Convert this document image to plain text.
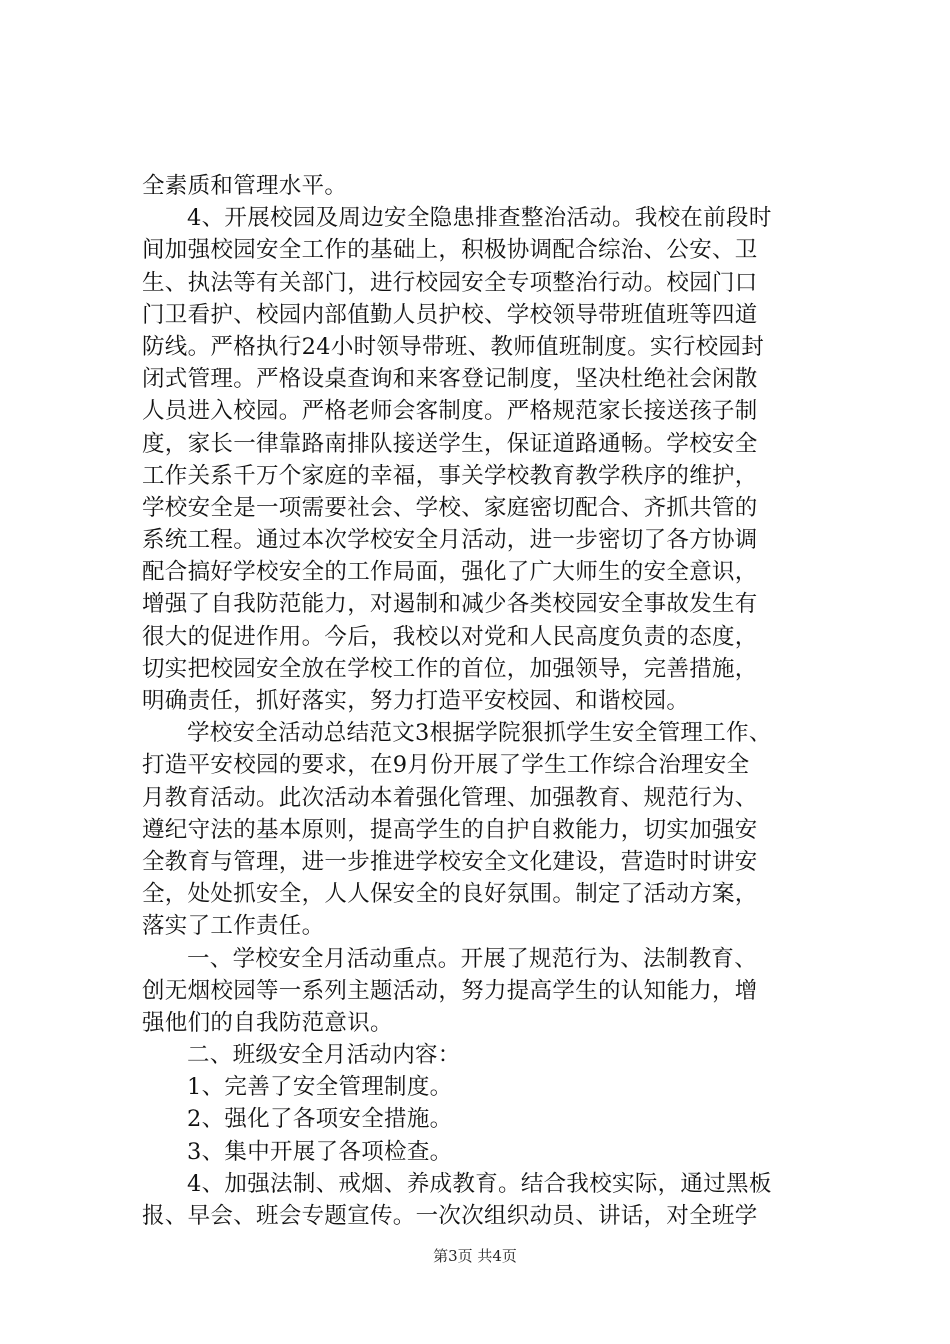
全素质和管理水平。
4、开展校园及周边安全隐患排查整治活动。我校在前段时
间加强校园安全工作的基础上，积极协调配合综治、公安、卫
生、执法等有关部门，进行校园安全专项整治行动。校园门口
门卫看护、校园内部值勤人员护校、学校领导带班值班等四道
防线。严格执行24小时领导带班、教师值班制度。实行校园封
闭式管理。严格设桌查询和来客登记制度，坚决杜绝社会闲散
人员进入校园。严格老师会客制度。严格规范家长接送孩子制
度，家长一律靠路南排队接送学生，保证道路通畅。学校安全
工作关系千万个家庭的幸福，事关学校教育教学秩序的维护，
学校安全是一项需要社会、学校、家庭密切配合、齐抓共管的
系统工程。通过本次学校安全月活动，进一步密切了各方协调
配合搞好学校安全的工作局面，强化了广大师生的安全意识，
增强了自我防范能力，对遏制和减少各类校园安全事故发生有
很大的促进作用。今后，我校以对党和人民高度负责的态度，
切实把校园安全放在学校工作的首位，加强领导，完善措施，
明确责任，抓好落实，努力打造平安校园、和谐校园。
学校安全活动总结范文3根据学院狠抓学生安全管理工作、
打造平安校园的要求，在9月份开展了学生工作综合治理安全
月教育活动。此次活动本着强化管理、加强教育、规范行为、
遵纪守法的基本原则，提高学生的自护自救能力，切实加强安
全教育与管理，进一步推进学校安全文化建设，营造时时讲安
全，处处抓安全，人人保安全的良好氛围。制定了活动方案，
落实了工作责任。
一、学校安全月活动重点。开展了规范行为、法制教育、
创无烟校园等一系列主题活动，努力提高学生的认知能力，增
强他们的自我防范意识。
二、班级安全月活动内容：
1、完善了安全管理制度。
2、强化了各项安全措施。
3、集中开展了各项检查。
4、加强法制、戒烟、养成教育。结合我校实际，通过黑板
报、早会、班会专题宣传。一次次组织动员、讲话，对全班学
第3页 共4页
